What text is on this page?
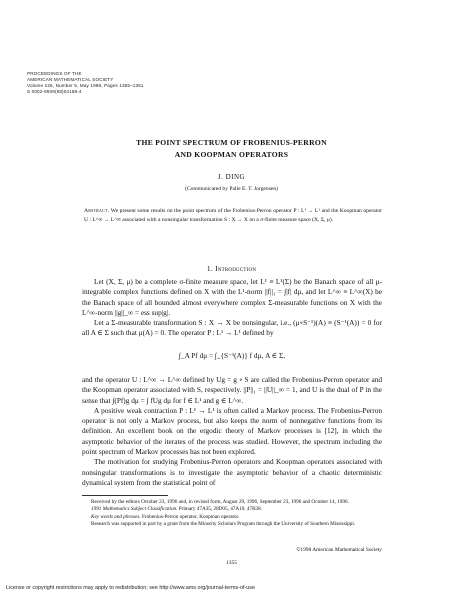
PROCEEDINGS OF THE
AMERICAN MATHEMATICAL SOCIETY
Volume 126, Number 5, May 1998, Pages 1355–1361
S 0002-9939(98)04188-4
THE POINT SPECTRUM OF FROBENIUS-PERRON
AND KOOPMAN OPERATORS
J. DING
(Communicated by Palle E. T. Jorgensen)
Abstract. We present some results on the point spectrum of the Frobenius-Perron operator P : L¹ → L¹ and the Koopman operator U : L^∞ → L^∞ associated with a nonsingular transformation S : X → X on a σ-finite measure space (X, Σ, μ).
1. Introduction

Let (X, Σ, μ) be a complete σ-finite measure space, let L¹ ≡ L¹(Σ) be the Banach space of all μ-integrable complex functions defined on X with the L¹-norm ||f||₁ = ∫|f| dμ, and let L^∞ ≡ L^∞(X) be the Banach space of all bounded almost everywhere complex Σ-measurable functions on X with the L^∞-norm ||g||_∞ = ess sup|g|.

Let a Σ-measurable transformation S : X → X be nonsingular, i.e., (μ∘S⁻¹)(A) ≡ (S⁻¹(A)) = 0 for all A ∈ Σ such that μ(A) = 0. The operator P : L¹ → L¹ defined by

∫_A Pf dμ = ∫_{S⁻¹(A)} f dμ, A ∈ Σ,

and the operator U : L^∞ → L^∞ defined by Ug = g ∘ S are called the Frobenius-Perron operator and the Koopman operator associated with S, respectively. ||P||₁ = ||U||_∞ = 1, and U is the dual of P in the sense that ∫(Pf)g dμ = ∫ fUg dμ for f ∈ L¹ and g ∈ L^∞.

A positive weak contraction P : L¹ → L¹ is often called a Markov process. The Frobenius-Perron operator is not only a Markov process, but also keeps the norm of nonnegative functions from its definition. An excellent book on the ergodic theory of Markov processes is [12], in which the asymptotic behavior of the iterates of the process was studied. However, the spectrum including the point spectrum of Markov processes has not been explored.

The motivation for studying Frobenius-Perron operators and Koopman operators associated with nonsingular transformations is to investigate the asymptotic behavior of a chaotic deterministic dynamical system from the statistical point of

Received by the editors October 23, 1996 and, in revised form, August 29, 1996, September 23, 1996 and October 14, 1996.

1991 Mathematics Subject Classification. Primary 47A35, 28D05, 47A10, 47B38.

Key words and phrases. Frobenius-Perron operator, Koopman operator.

Research was supported in part by a grant from the Minority Scholars Program through the University of Southern Mississippi.

©1998 American Mathematical Society
1355
License or copyright restrictions may apply to redistribution; see http://www.ams.org/journal-terms-of-use
